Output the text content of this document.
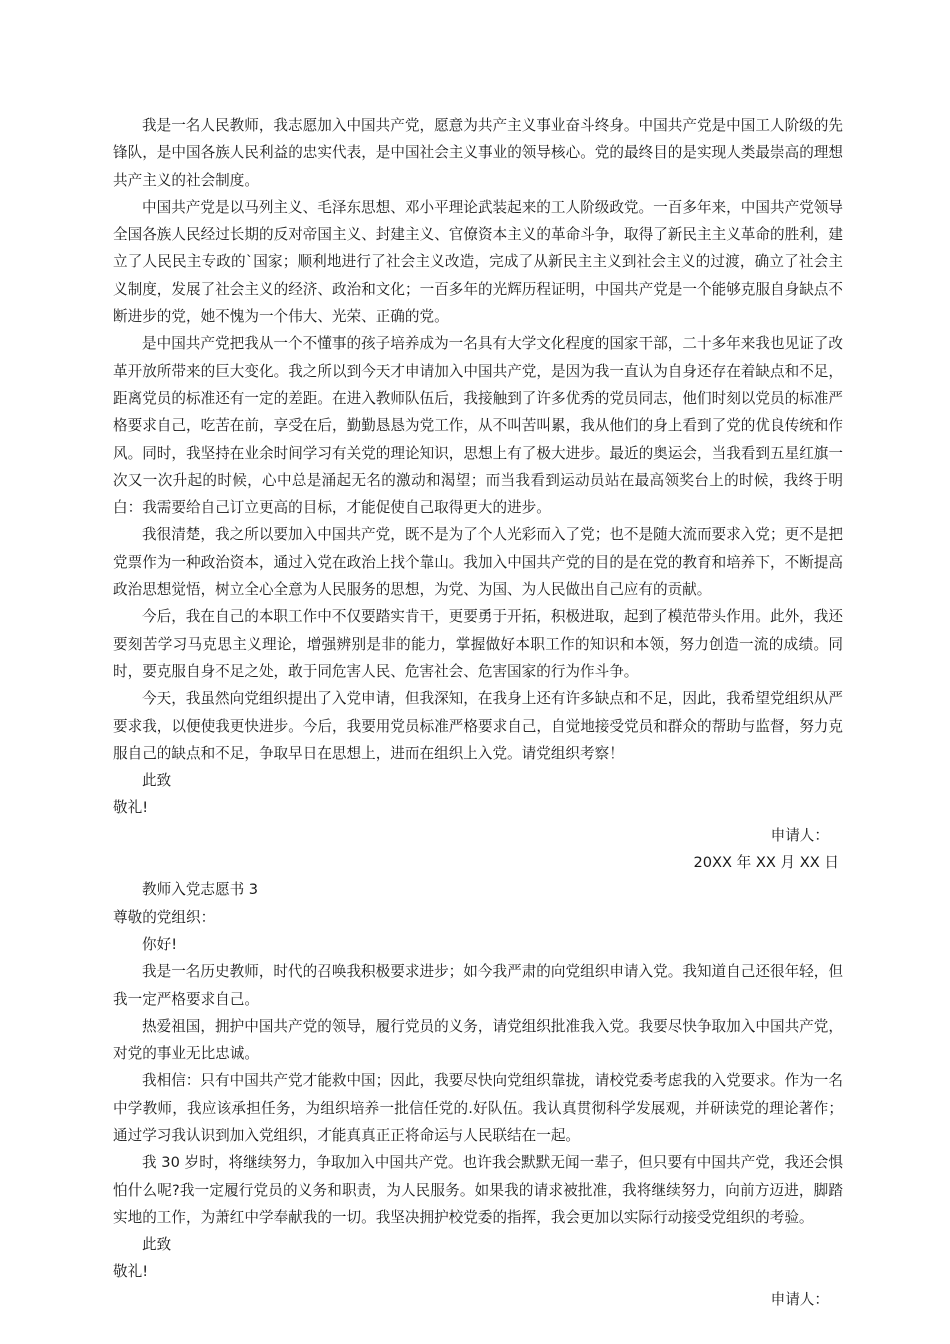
我是一名人民教师，我志愿加入中国共产党，愿意为共产主义事业奋斗终身。中国共产党是中国工人阶级的先锋队，是中国各族人民利益的忠实代表，是中国社会主义事业的领导核心。党的最终目的是实现人类最崇高的理想共产主义的社会制度。

中国共产党是以马列主义、毛泽东思想、邓小平理论武装起来的工人阶级政党。一百多年来，中国共产党领导全国各族人民经过长期的反对帝国主义、封建主义、官僚资本主义的革命斗争，取得了新民主主义革命的胜利，建立了人民民主专政的`国家；顺利地进行了社会主义改造，完成了从新民主主义到社会主义的过渡，确立了社会主义制度，发展了社会主义的经济、政治和文化；一百多年的光辉历程证明，中国共产党是一个能够克服自身缺点不断进步的党，她不愧为一个伟大、光荣、正确的党。

是中国共产党把我从一个不懂事的孩子培养成为一名具有大学文化程度的国家干部，二十多年来我也见证了改革开放所带来的巨大变化。我之所以到今天才申请加入中国共产党，是因为我一直认为自身还存在着缺点和不足，距离党员的标准还有一定的差距。在进入教师队伍后，我接触到了许多优秀的党员同志，他们时刻以党员的标准严格要求自己，吃苦在前，享受在后，勤勤恳恳为党工作，从不叫苦叫累，我从他们的身上看到了党的优良传统和作风。同时，我坚持在业余时间学习有关党的理论知识，思想上有了极大进步。最近的奥运会，当我看到五星红旗一次又一次升起的时候，心中总是涌起无名的激动和渴望；而当我看到运动员站在最高领奖台上的时候，我终于明白：我需要给自己订立更高的目标，才能促使自己取得更大的进步。

我很清楚，我之所以要加入中国共产党，既不是为了个人光彩而入了党；也不是随大流而要求入党；更不是把党票作为一种政治资本，通过入党在政治上找个靠山。我加入中国共产党的目的是在党的教育和培养下，不断提高政治思想觉悟，树立全心全意为人民服务的思想，为党、为国、为人民做出自己应有的贡献。

今后，我在自己的本职工作中不仅要踏实肯干，更要勇于开拓，积极进取，起到了模范带头作用。此外，我还要刻苦学习马克思主义理论，增强辨别是非的能力，掌握做好本职工作的知识和本领，努力创造一流的成绩。同时，要克服自身不足之处，敢于同危害人民、危害社会、危害国家的行为作斗争。

今天，我虽然向党组织提出了入党申请，但我深知，在我身上还有许多缺点和不足，因此，我希望党组织从严要求我，以便使我更快进步。今后，我要用党员标准严格要求自己，自觉地接受党员和群众的帮助与监督，努力克服自己的缺点和不足，争取早日在思想上，进而在组织上入党。请党组织考察！

此致

敬礼!

申请人：

20XX 年 XX 月 XX 日

教师入党志愿书 3

尊敬的党组织：

你好!

我是一名历史教师，时代的召唤我积极要求进步；如今我严肃的向党组织申请入党。我知道自己还很年轻，但我一定严格要求自己。

热爱祖国，拥护中国共产党的领导，履行党员的义务，请党组织批准我入党。我要尽快争取加入中国共产党，对党的事业无比忠诚。

我相信：只有中国共产党才能救中国；因此，我要尽快向党组织靠拢，请校党委考虑我的入党要求。作为一名中学教师，我应该承担任务，为组织培养一批信任党的.好队伍。我认真贯彻科学发展观，并研读党的理论著作；通过学习我认识到加入党组织，才能真真正正将命运与人民联结在一起。

我 30 岁时，将继续努力，争取加入中国共产党。也许我会默默无闻一辈子，但只要有中国共产党，我还会惧怕什么呢?我一定履行党员的义务和职责，为人民服务。如果我的请求被批准，我将继续努力，向前方迈进，脚踏实地的工作，为萧红中学奉献我的一切。我坚决拥护校党委的指挥，我会更加以实际行动接受党组织的考验。

此致

敬礼!

申请人：
